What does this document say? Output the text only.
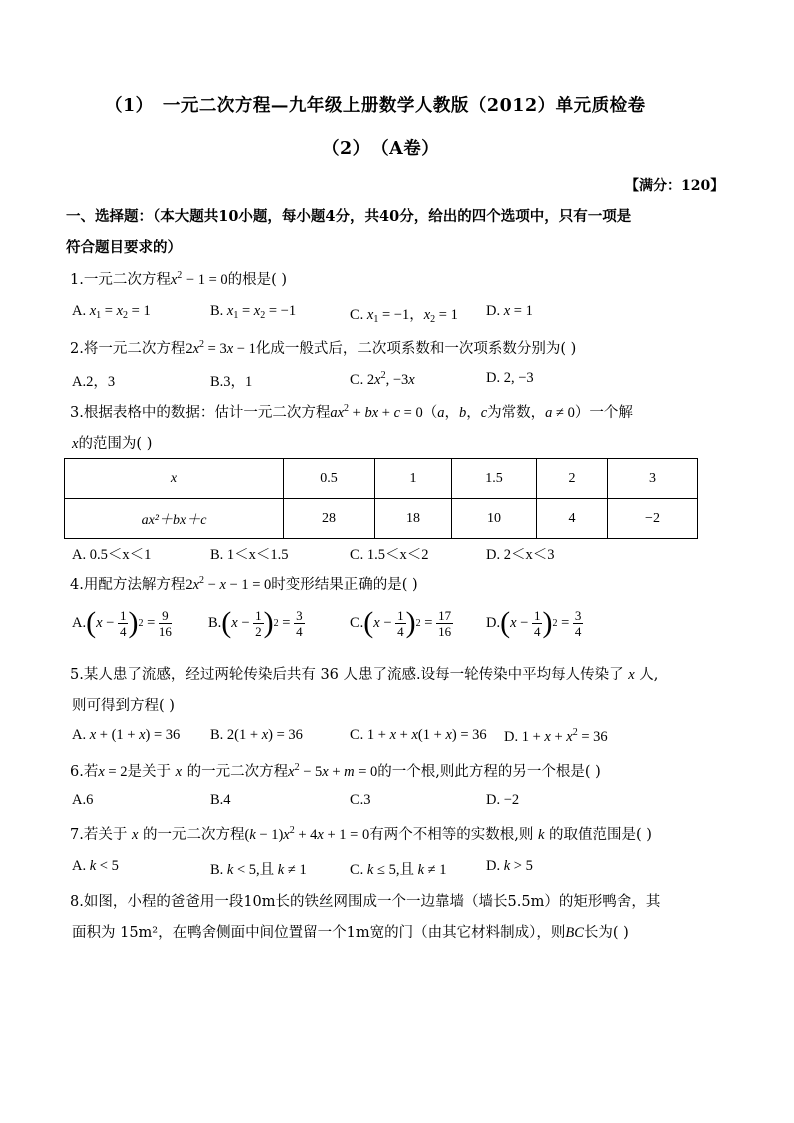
（1）　一元二次方程—九年级上册数学人教版（2012）单元质检卷
（2）　（A卷）
【满分：120】
一、选择题：（本大题共10小题，每小题4分，共40分，给出的四个选项中，只有一项是
符合题目要求的）
1.一元二次方程$x^2 - 1 = 0$的根是( )
A. $x_1 = x_2 = 1$	B. $x_1 = x_2 = -1$	C. $x_1 = -1$，$x_2 = 1$ D. x = 1
2.将一元二次方程$2x^2 = 3x - 1$化成一般式后，二次项系数和一次项系数分别为( )
A.2，3	B.3，1	C. $2x^2$, −3x	D. 2, −3
3.根据表格中的数据：估计一元二次方程$ax^2$ + bx + c = 0（a，b，c为常数，a ≠ 0）一个解
x的范围为( )
x	0.5	1	1.5	2	3
ax²＋bx＋c	28	18	10	4	−2
A. 0.5＜x＜1	B. 1＜x＜1.5	C. 1.5＜x＜2	D. 2＜x＜3
4.用配方法解方程$2x^2 - x - 1 = 0$时变形结果正确的是( )
A. ( $x - \frac{1}{4}$ ) $2 = \frac{9}{16} B$. ( $x - \frac{1}{2}$ ) $2 = \frac{3}{4}$	C. ( $x - \frac{1}{4}$ ) $2 = \frac{17}{16} D$. ( $x - \frac{1}{4}$ ) $2 = \frac{3}{4}$
5.某人患了流感，经过两轮传染后共有 36 人患了流感.设每一轮传染中平均每人传染了 x 人,
则可得到方程( )
A. x + (1 + x) = 36 B. 2(1 + x) = 36	C. 1 + x + x(1 + x) = 36 D. $1 + x + x^2 = 36$
6.若x = 2是关于 x 的一元二次方程$x^2 - 5x + m = 0$的一个根,则此方程的另一个根是( )
A.6	B.4	C.3	D. −2
7.若关于 x 的一元二次方程$(k - 1)x^2 + 4x + 1 = 0$有两个不相等的实数根,则 k 的取值范围是( )
A. k < 5	B. k < 5,且 k ≠ 1	C. k ≤ 5,且 k ≠ 1	D. k > 5
8.如图，小程的爸爸用一段10m长的铁丝网围成一个一边靠墙（墙长5.5m）的矩形鸭舍，其
面积为 15m²，在鸭舍侧面中间位置留一个1m宽的门（由其它材料制成），则BC长为( )
